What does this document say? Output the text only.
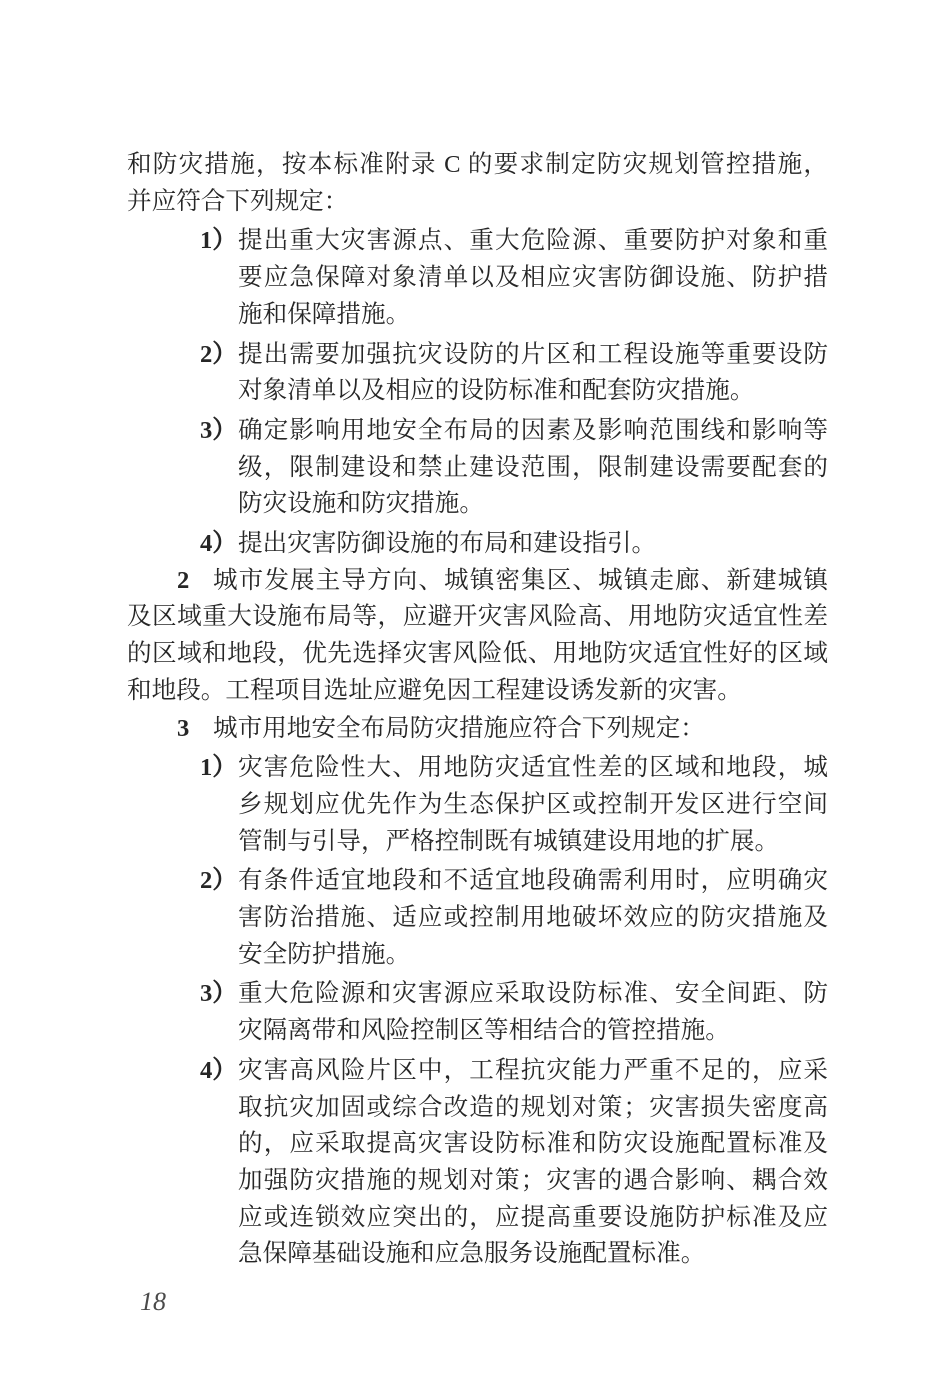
和防灾措施，按本标准附录 C 的要求制定防灾规划管控措施，
并应符合下列规定：
1） 提出重大灾害源点、重大危险源、重要防护对象和重
要应急保障对象清单以及相应灾害防御设施、防护措
施和保障措施。
2） 提出需要加强抗灾设防的片区和工程设施等重要设防
对象清单以及相应的设防标准和配套防灾措施。
3） 确定影响用地安全布局的因素及影响范围线和影响等
级，限制建设和禁止建设范围，限制建设需要配套的
防灾设施和防灾措施。
4） 提出灾害防御设施的布局和建设指引。
2 城市发展主导方向、城镇密集区、城镇走廊、新建城镇
及区域重大设施布局等，应避开灾害风险高、用地防灾适宜性差
的区域和地段，优先选择灾害风险低、用地防灾适宜性好的区域
和地段。工程项目选址应避免因工程建设诱发新的灾害。
3 城市用地安全布局防灾措施应符合下列规定：
1） 灾害危险性大、用地防灾适宜性差的区域和地段，城
乡规划应优先作为生态保护区或控制开发区进行空间
管制与引导，严格控制既有城镇建设用地的扩展。
2） 有条件适宜地段和不适宜地段确需利用时，应明确灾
害防治措施、适应或控制用地破坏效应的防灾措施及
安全防护措施。
3） 重大危险源和灾害源应采取设防标准、安全间距、防
灾隔离带和风险控制区等相结合的管控措施。
4） 灾害高风险片区中，工程抗灾能力严重不足的，应采
取抗灾加固或综合改造的规划对策；灾害损失密度高
的，应采取提高灾害设防标准和防灾设施配置标准及
加强防灾措施的规划对策；灾害的遇合影响、耦合效
应或连锁效应突出的，应提高重要设施防护标准及应
急保障基础设施和应急服务设施配置标准。
18
